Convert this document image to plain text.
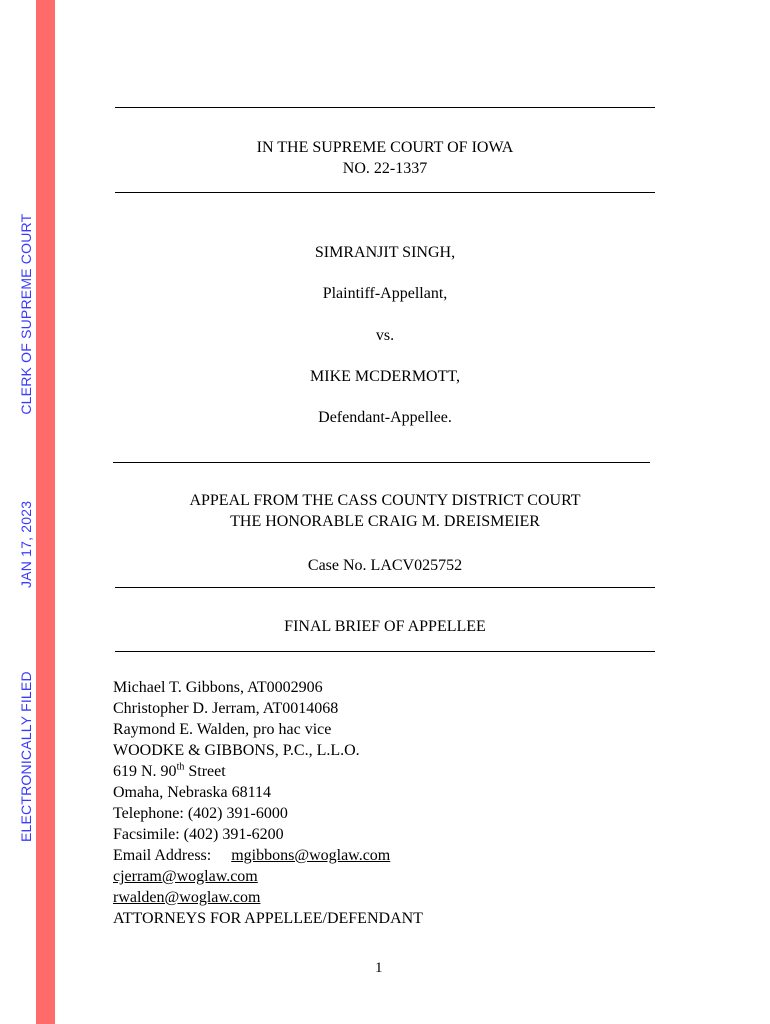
ELECTRONICALLY FILED  JAN 17, 2023  CLERK OF SUPREME COURT
IN THE SUPREME COURT OF IOWA
NO. 22-1337
SIMRANJIT SINGH,
Plaintiff-Appellant,
vs.
MIKE MCDERMOTT,
Defendant-Appellee.
APPEAL FROM THE CASS COUNTY DISTRICT COURT
THE HONORABLE CRAIG M. DREISMEIER
Case No. LACV025752
FINAL BRIEF OF APPELLEE
Michael T. Gibbons, AT0002906
Christopher D. Jerram, AT0014068
Raymond E. Walden, pro hac vice
WOODKE & GIBBONS, P.C., L.L.O.
619 N. 90th Street
Omaha, Nebraska 68114
Telephone: (402) 391-6000
Facsimile: (402) 391-6200
Email Address: mgibbons@woglaw.com
cjerram@woglaw.com
rwalden@woglaw.com
ATTORNEYS FOR APPELLEE/DEFENDANT
1
